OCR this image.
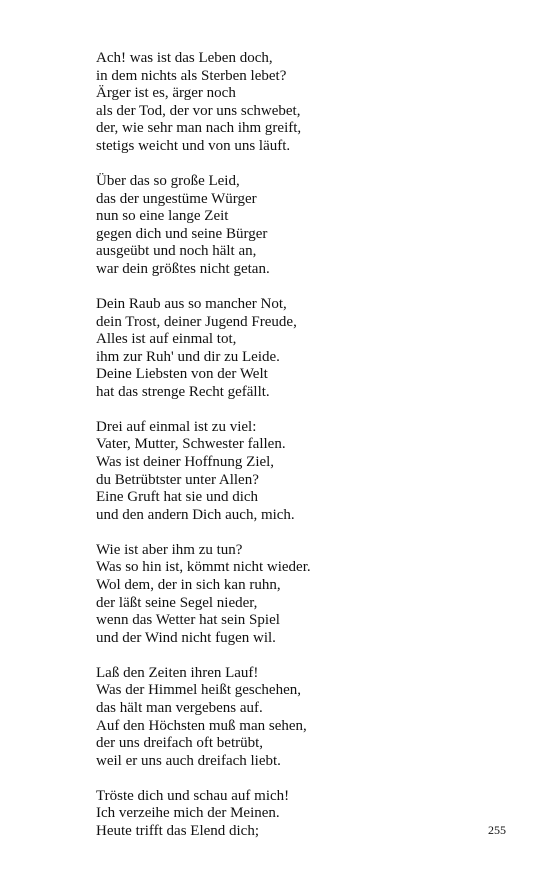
Ach! was ist das Leben doch,
in dem nichts als Sterben lebet?
Ärger ist es, ärger noch
als der Tod, der vor uns schwebet,
der, wie sehr man nach ihm greift,
stetigs weicht und von uns läuft.
Über das so große Leid,
das der ungestüme Würger
nun so eine lange Zeit
gegen dich und seine Bürger
ausgeübt und noch hält an,
war dein größtes nicht getan.
Dein Raub aus so mancher Not,
dein Trost, deiner Jugend Freude,
Alles ist auf einmal tot,
ihm zur Ruh' und dir zu Leide.
Deine Liebsten von der Welt
hat das strenge Recht gefällt.
Drei auf einmal ist zu viel:
Vater, Mutter, Schwester fallen.
Was ist deiner Hoffnung Ziel,
du Betrübtster unter Allen?
Eine Gruft hat sie und dich
und den andern Dich auch, mich.
Wie ist aber ihm zu tun?
Was so hin ist, kömmt nicht wieder.
Wol dem, der in sich kan ruhn,
der läßt seine Segel nieder,
wenn das Wetter hat sein Spiel
und der Wind nicht fugen wil.
Laß den Zeiten ihren Lauf!
Was der Himmel heißt geschehen,
das hält man vergebens auf.
Auf den Höchsten muß man sehen,
der uns dreifach oft betrübt,
weil er uns auch dreifach liebt.
Tröste dich und schau auf mich!
Ich verzeihe mich der Meinen.
Heute trifft das Elend dich;	255
